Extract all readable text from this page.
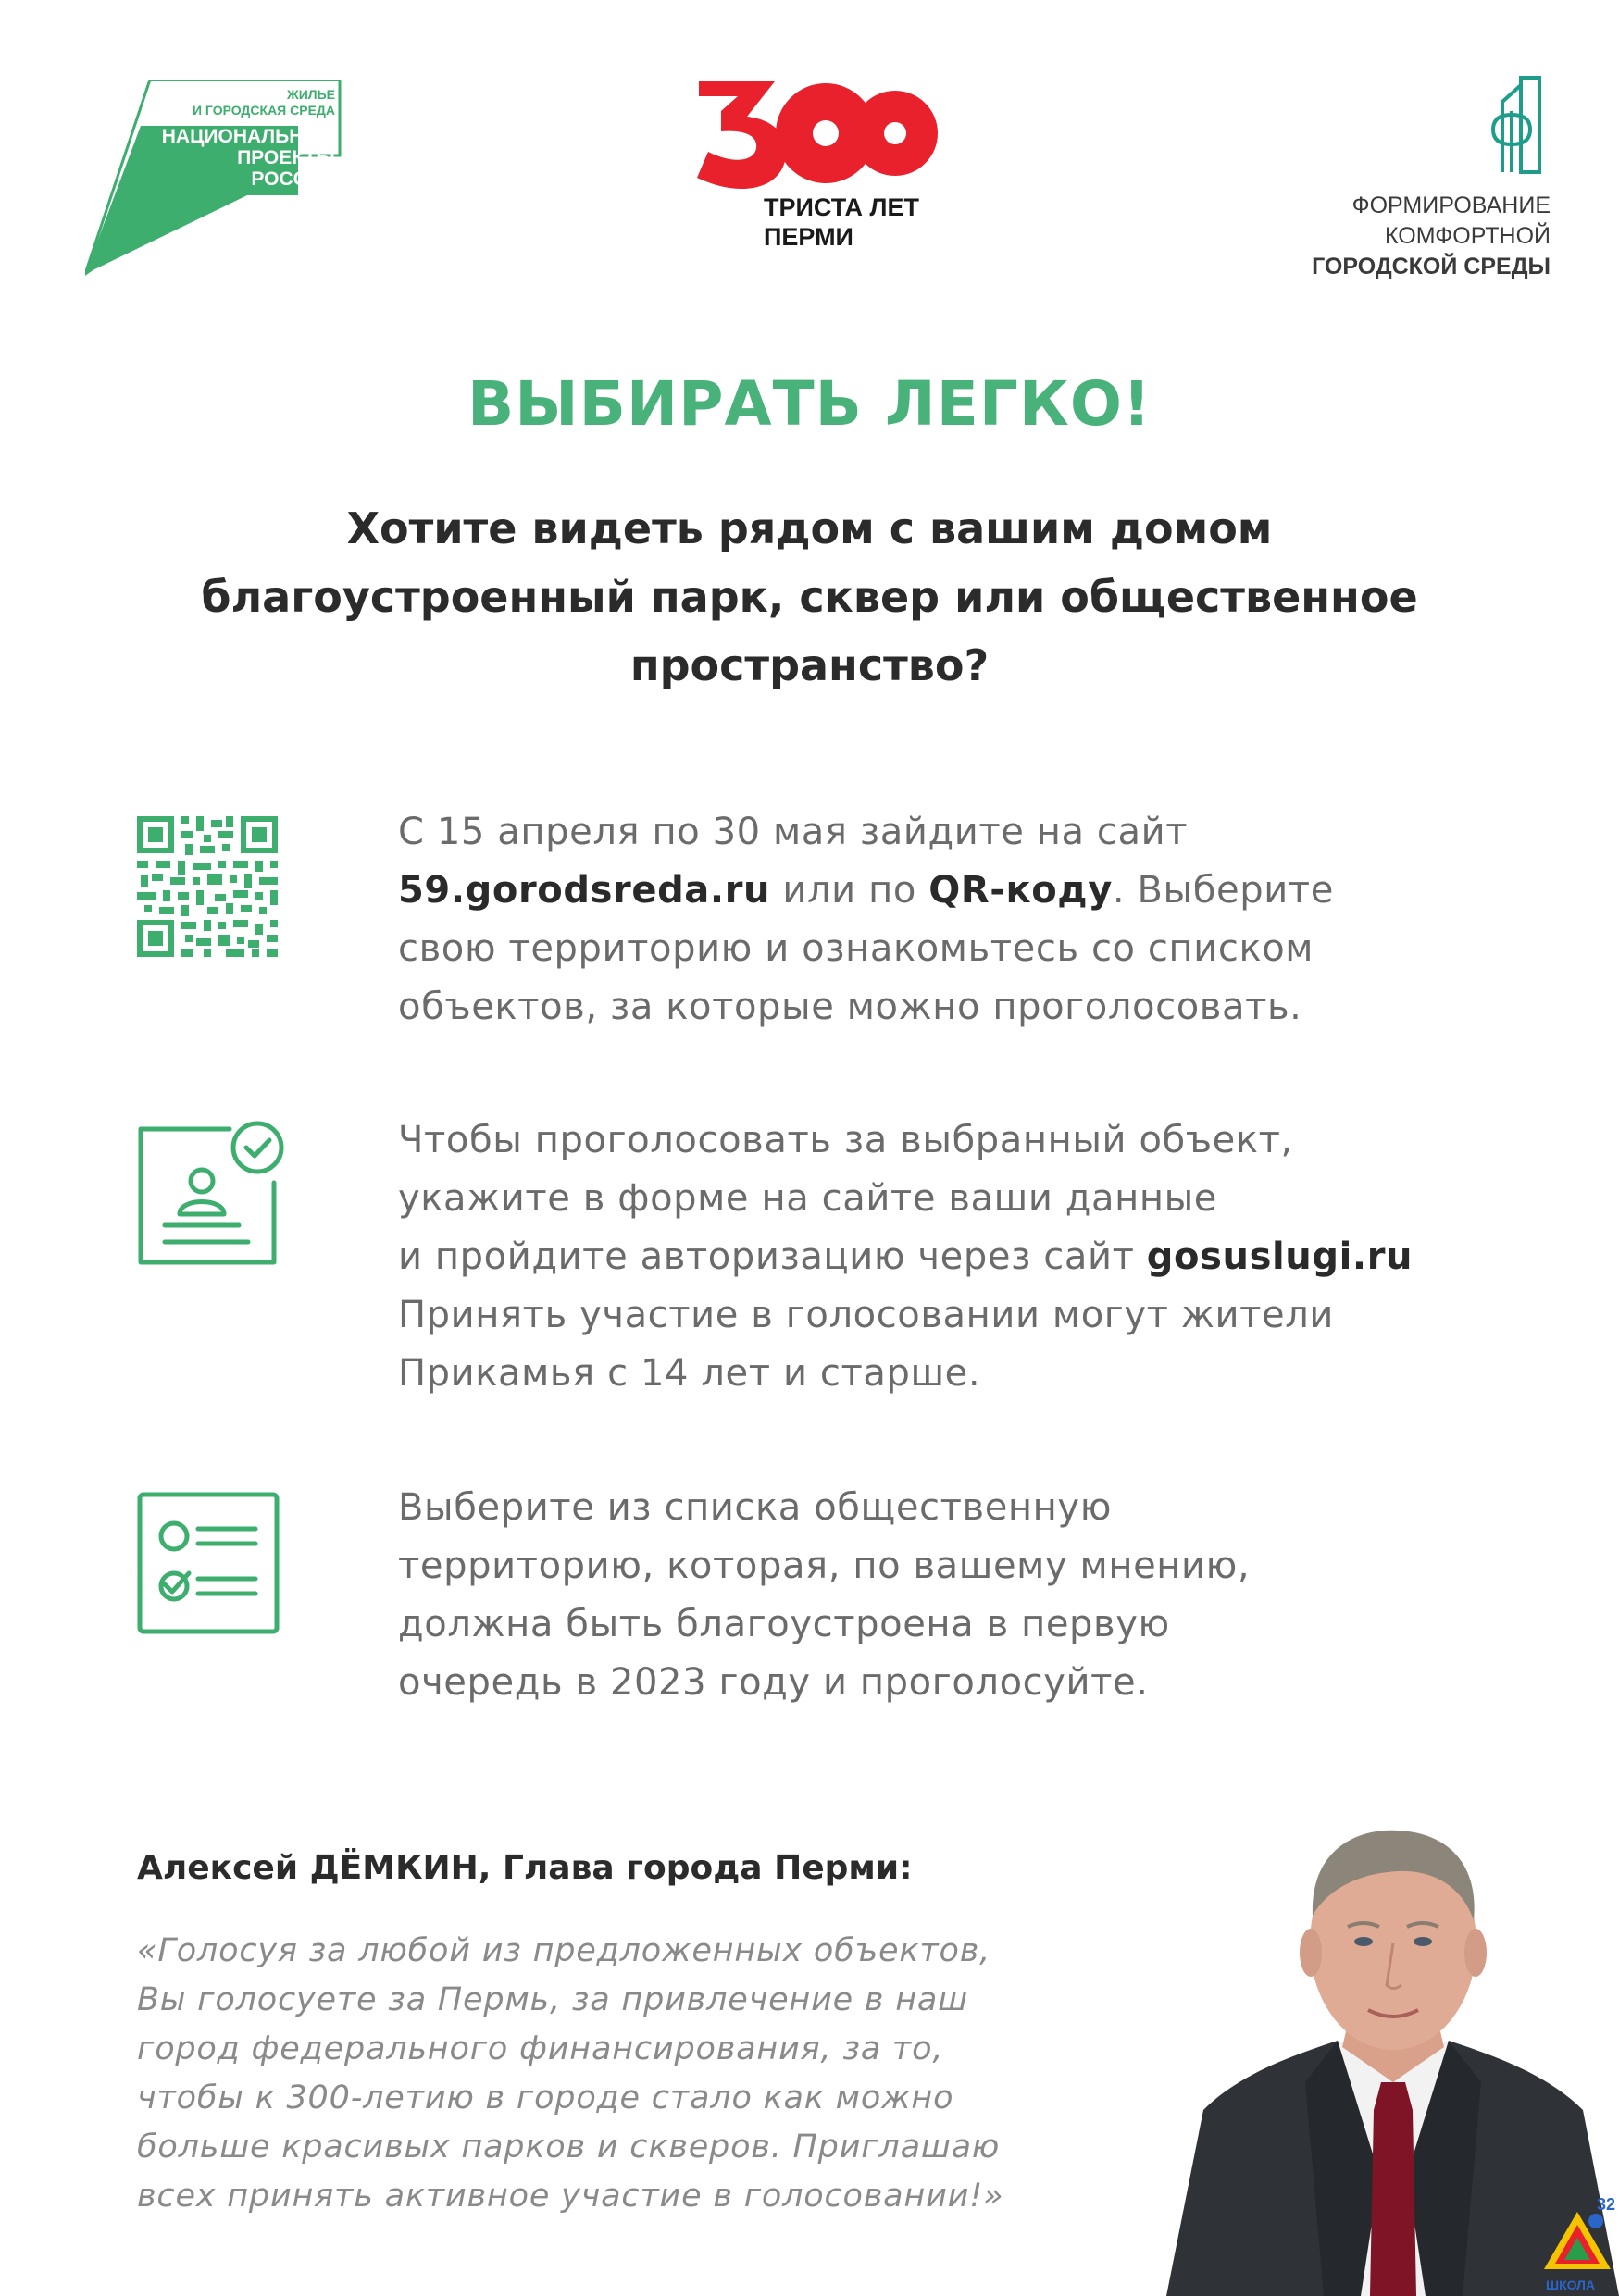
ЖИЛЬЕ
И ГОРОДСКАЯ СРЕДА
НАЦИОНАЛЬНЫЕ
ПРОЕКТЫ
РОССИИ
ТРИСТА ЛЕТ
ПЕРМИ
ФОРМИРОВАНИЕ
КОМФОРТНОЙ
ГОРОДСКОЙ СРЕДЫ
ВЫБИРАТЬ ЛЕГКО!
Хотите видеть рядом с вашим домом
благоустроенный парк, сквер или общественное
пространство?
С 15 апреля по 30 мая зайдите на сайт
59.gorodsreda.ru или по QR-коду. Выберите
свою территорию и ознакомьтесь со списком
объектов, за которые можно проголосовать.
Чтобы проголосовать за выбранный объект,
укажите в форме на сайте ваши данные
и пройдите авторизацию через сайт gosuslugi.ru
Принять участие в голосовании могут жители
Прикамья с 14 лет и старше.
Выберите из списка общественную
территорию, которая, по вашему мнению,
должна быть благоустроена в первую
очередь в 2023 году и проголосуйте.
Алексей ДЁМКИН, Глава города Перми:
«Голосуя за любой из предложенных объектов,
Вы голосуете за Пермь, за привлечение в наш
город федерального финансирования, за то,
чтобы к 300-летию в городе стало как можно
больше красивых парков и скверов. Приглашаю
всех принять активное участие в голосовании!»	32
ШКОЛА
